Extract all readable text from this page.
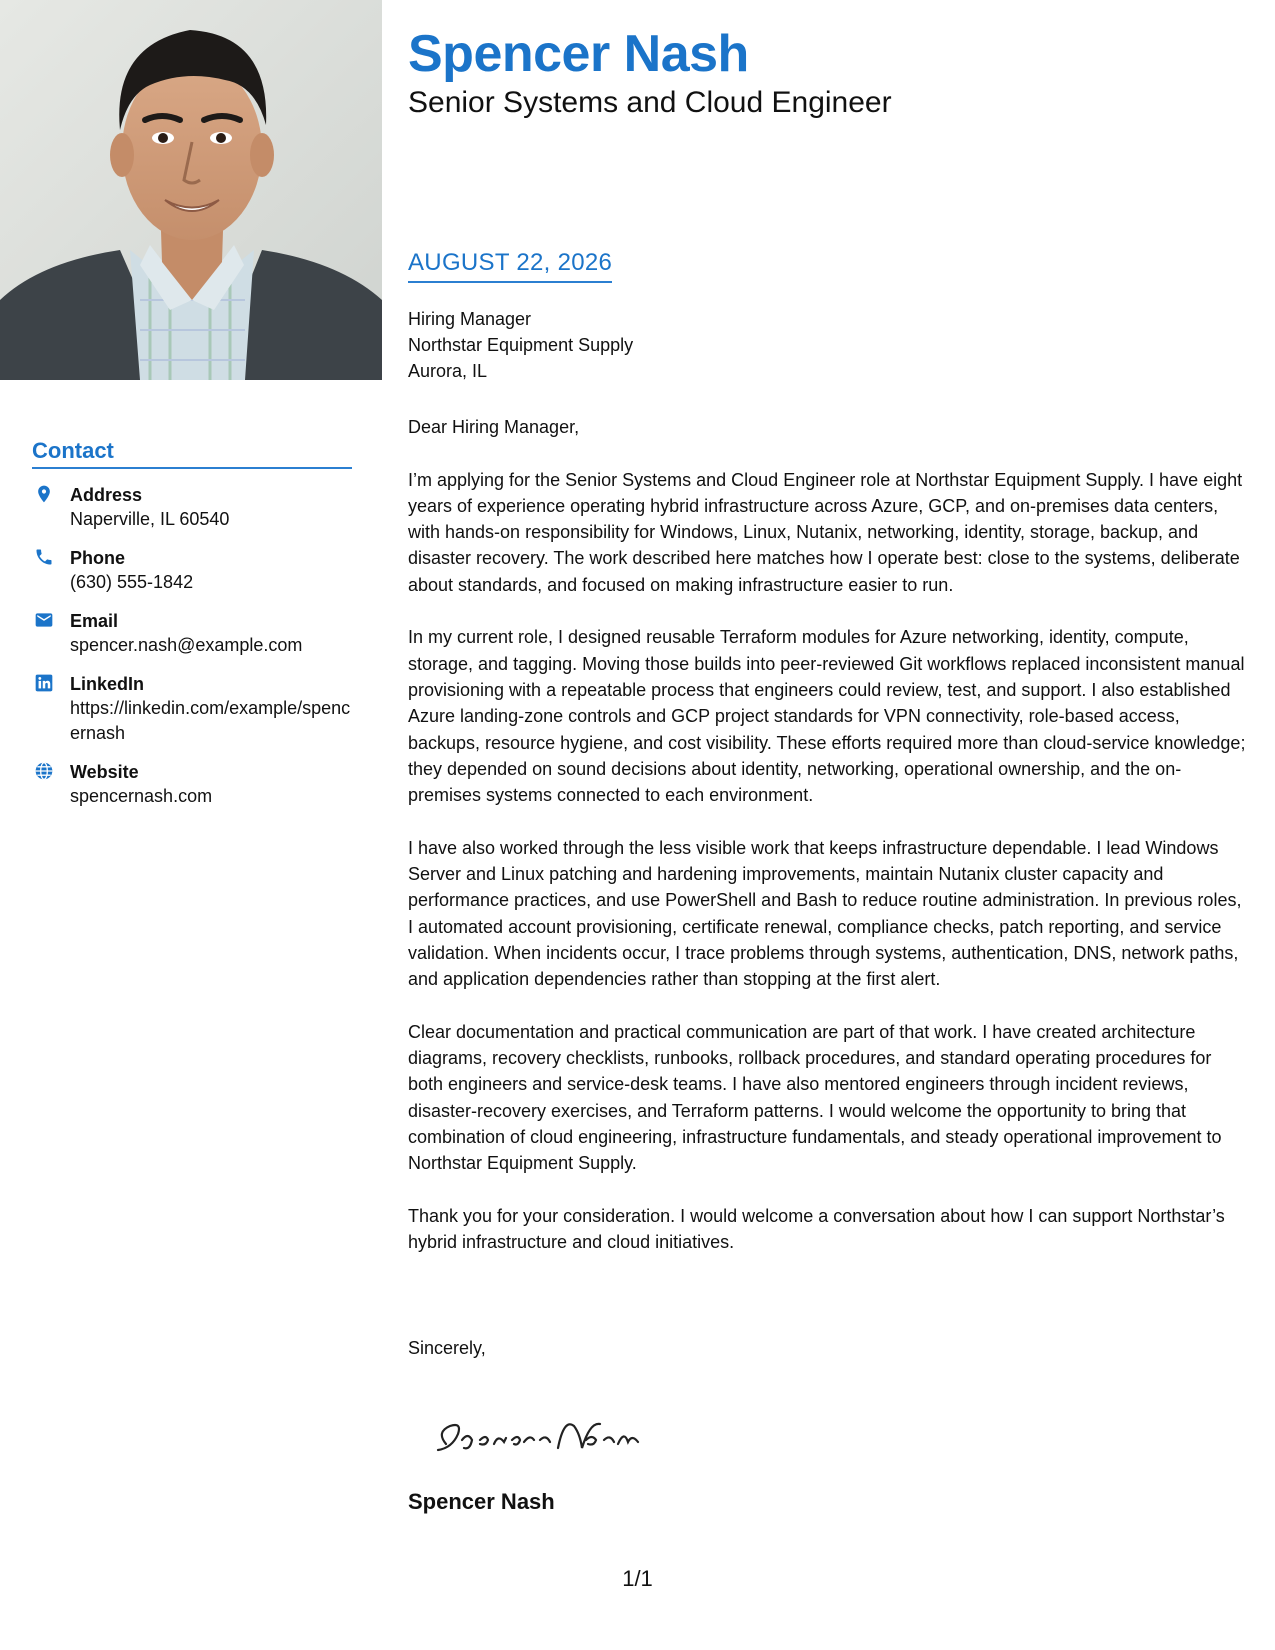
Contact
Address
Naperville, IL 60540
Phone
(630) 555-1842
Email
spencer.nash@example.com
LinkedIn
https://linkedin.com/example/spencernash
Website
spencernash.com
Spencer Nash
Senior Systems and Cloud Engineer
AUGUST 22, 2026
Hiring Manager
Northstar Equipment Supply
Aurora, IL

Dear Hiring Manager,

I’m applying for the Senior Systems and Cloud Engineer role at Northstar Equipment Supply. I have eight years of experience operating hybrid infrastructure across Azure, GCP, and on-premises data centers, with hands-on responsibility for Windows, Linux, Nutanix, networking, identity, storage, backup, and disaster recovery. The work described here matches how I operate best: close to the systems, deliberate about standards, and focused on making infrastructure easier to run.

In my current role, I designed reusable Terraform modules for Azure networking, identity, compute, storage, and tagging. Moving those builds into peer-reviewed Git workflows replaced inconsistent manual provisioning with a repeatable process that engineers could review, test, and support. I also established Azure landing-zone controls and GCP project standards for VPN connectivity, role-based access, backups, resource hygiene, and cost visibility. These efforts required more than cloud-service knowledge; they depended on sound decisions about identity, networking, operational ownership, and the on-premises systems connected to each environment.

I have also worked through the less visible work that keeps infrastructure dependable. I lead Windows Server and Linux patching and hardening improvements, maintain Nutanix cluster capacity and performance practices, and use PowerShell and Bash to reduce routine administration. In previous roles, I automated account provisioning, certificate renewal, compliance checks, patch reporting, and service validation. When incidents occur, I trace problems through systems, authentication, DNS, network paths, and application dependencies rather than stopping at the first alert.

Clear documentation and practical communication are part of that work. I have created architecture diagrams, recovery checklists, runbooks, rollback procedures, and standard operating procedures for both engineers and service-desk teams. I have also mentored engineers through incident reviews, disaster-recovery exercises, and Terraform patterns. I would welcome the opportunity to bring that combination of cloud engineering, infrastructure fundamentals, and steady operational improvement to Northstar Equipment Supply.

Thank you for your consideration. I would welcome a conversation about how I can support Northstar’s hybrid infrastructure and cloud initiatives.

Sincerely,
Spencer Nash
1/1
